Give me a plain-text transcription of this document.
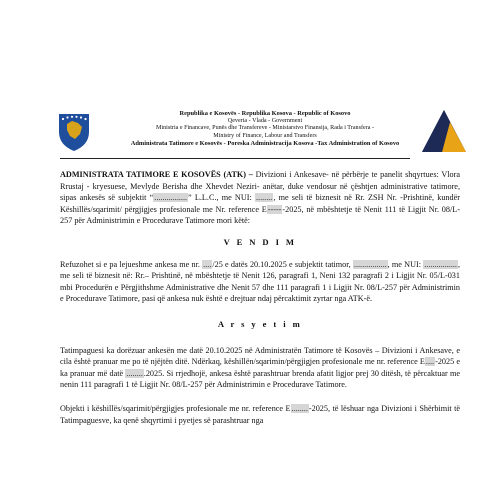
Republika e Kosovës - Republika Kosova - Republic of Kosovo
Qeveria - Vlada - Government
Ministria e Financave, Punës dhe Transfereve - Ministarstvo Finansija, Rada i Transfera -
Ministry of Finance, Labour and Transfers
Administrata Tatimore e Kosovës - Poreska Administracija Kosova -Tax Administration of Kosovo

ADMINISTRATA TATIMORE E KOSOVËS (ATK) – Divizioni i Ankesave- në përbërje te panelit shqyrtues: Vlora Rrustaj - kryesuese, Mevlyde Berisha dhe Xhevdet Neziri- anëtar, duke vendosur në çështjen administrative tatimore, sipas ankesës së subjektit “................” L.L.C., me NUI: ........, me seli të biznesit në Rr. ZSH Nr. -Prishtinë, kundër Këshillës/sqarimit/ përgjigjes profesionale me Nr. reference E------2025, në mbështetje të Nenit 111 të Ligjit Nr. 08/L-257 për Administrimin e Procedurave Tatimore mori këtë:

V E N D I M

Refuzohet si e pa lejueshme ankesa me nr. ..../25 e datës 20.10.2025 e subjektit tatimor, ................, me NUI: ................, me seli të biznesit në: Rr.– Prishtinë, në mbështetje të Nenit 126, paragrafi 1, Neni 132 paragrafi 2 i Ligjit Nr. 05/L-031 mbi Procedurën e Përgjithshme Administrative dhe Nenit 57 dhe 111 paragrafi 1 i Ligjit Nr. 08/L-257 për Administrimin e Procedurave Tatimore, pasi që ankesa nuk është e drejtuar ndaj përcaktimit zyrtar nga ATK-ë.

A r s y e t i m

Tatimpaguesi ka dorëzuar ankesën me datë 20.10.2025 në Administratën Tatimore të Kosovës – Divizioni i Ankesave, e cila është pranuar me po të njëjtën ditë. Ndërkaq, këshillën/sqarimin/përgjigjen profesionale me nr. reference E....-2025 e ka pranuar më datë .........2025. Si rrjedhojë, ankesa është parashtruar brenda afatit ligjor prej 30 ditësh, të përcaktuar me nenin 111 paragrafi 1 të Ligjit Nr. 08/L-257 për Administrimin e Procedurave Tatimore.

Objekti i këshillës/sqarimit/përgjigjes profesionale me nr. reference E........-2025, të lëshuar nga Divizioni i Shërbimit të Tatimpaguesve, ka qenë shqyrtimi i pyetjes së parashtruar nga
